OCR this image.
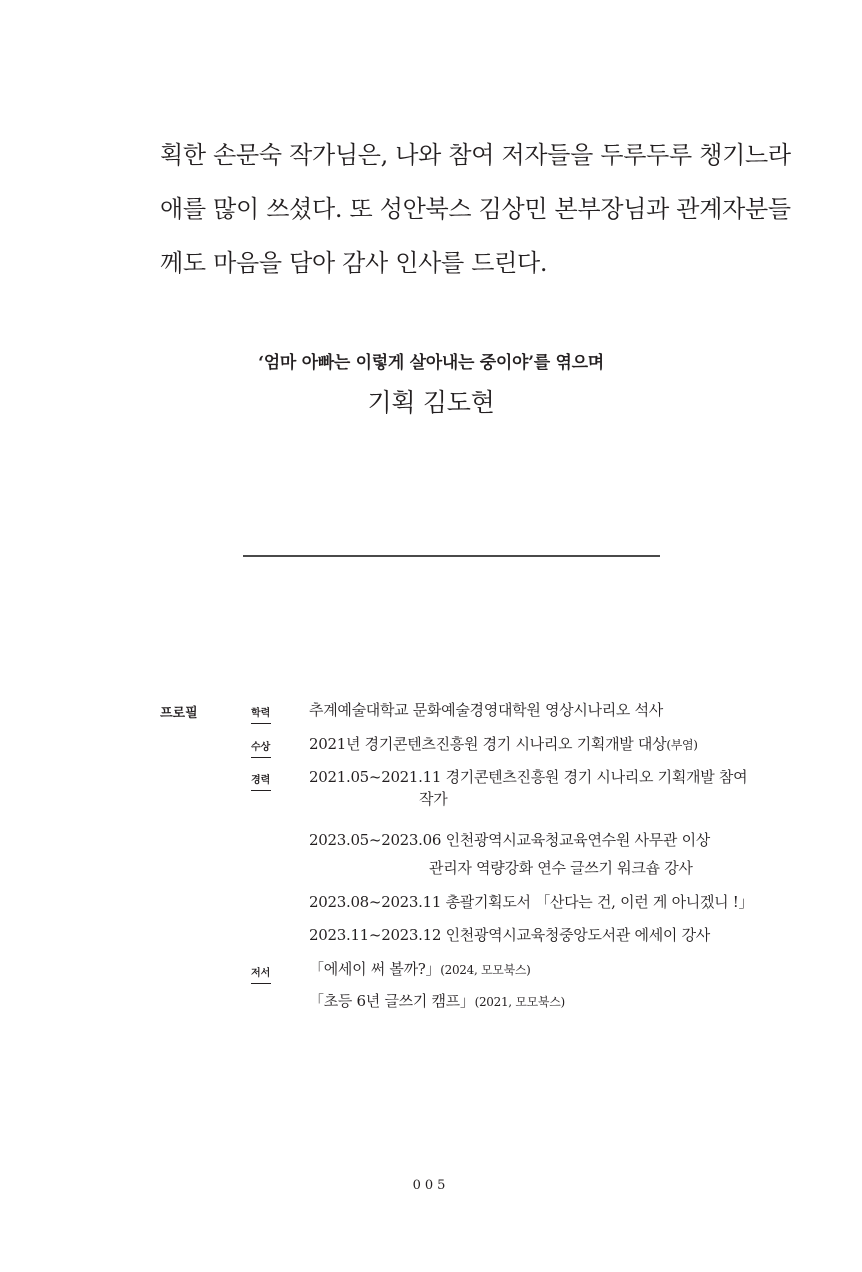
획한 손문숙 작가님은, 나와 참여 저자들을 두루두루 챙기느라
애를 많이 쓰셨다. 또 성안북스 김상민 본부장님과 관계자분들
께도 마음을 담아 감사 인사를 드린다.
‘엄마 아빠는 이렇게 살아내는 중이야’를 엮으며
기획 김도현
프로필	학력	추계예술대학교 문화예술경영대학원 영상시나리오 석사
수상	2021년 경기콘텐츠진흥원 경기 시나리오 기획개발 대상(부염)
경력	2021.05~2021.11 경기콘텐츠진흥원 경기 시나리오 기획개발 참여
작가
2023.05~2023.06 인천광역시교육청교육연수원 사무관 이상
관리자 역량강화 연수 글쓰기 워크숍 강사
2023.08~2023.11 총괄기획도서 「산다는 건, 이런 게 아니겠니 !」
2023.11~2023.12 인천광역시교육청중앙도서관 에세이 강사
저서	「에세이 써 볼까?」(2024, 모모북스)
「초등 6년 글쓰기 캠프」(2021, 모모북스)
005
